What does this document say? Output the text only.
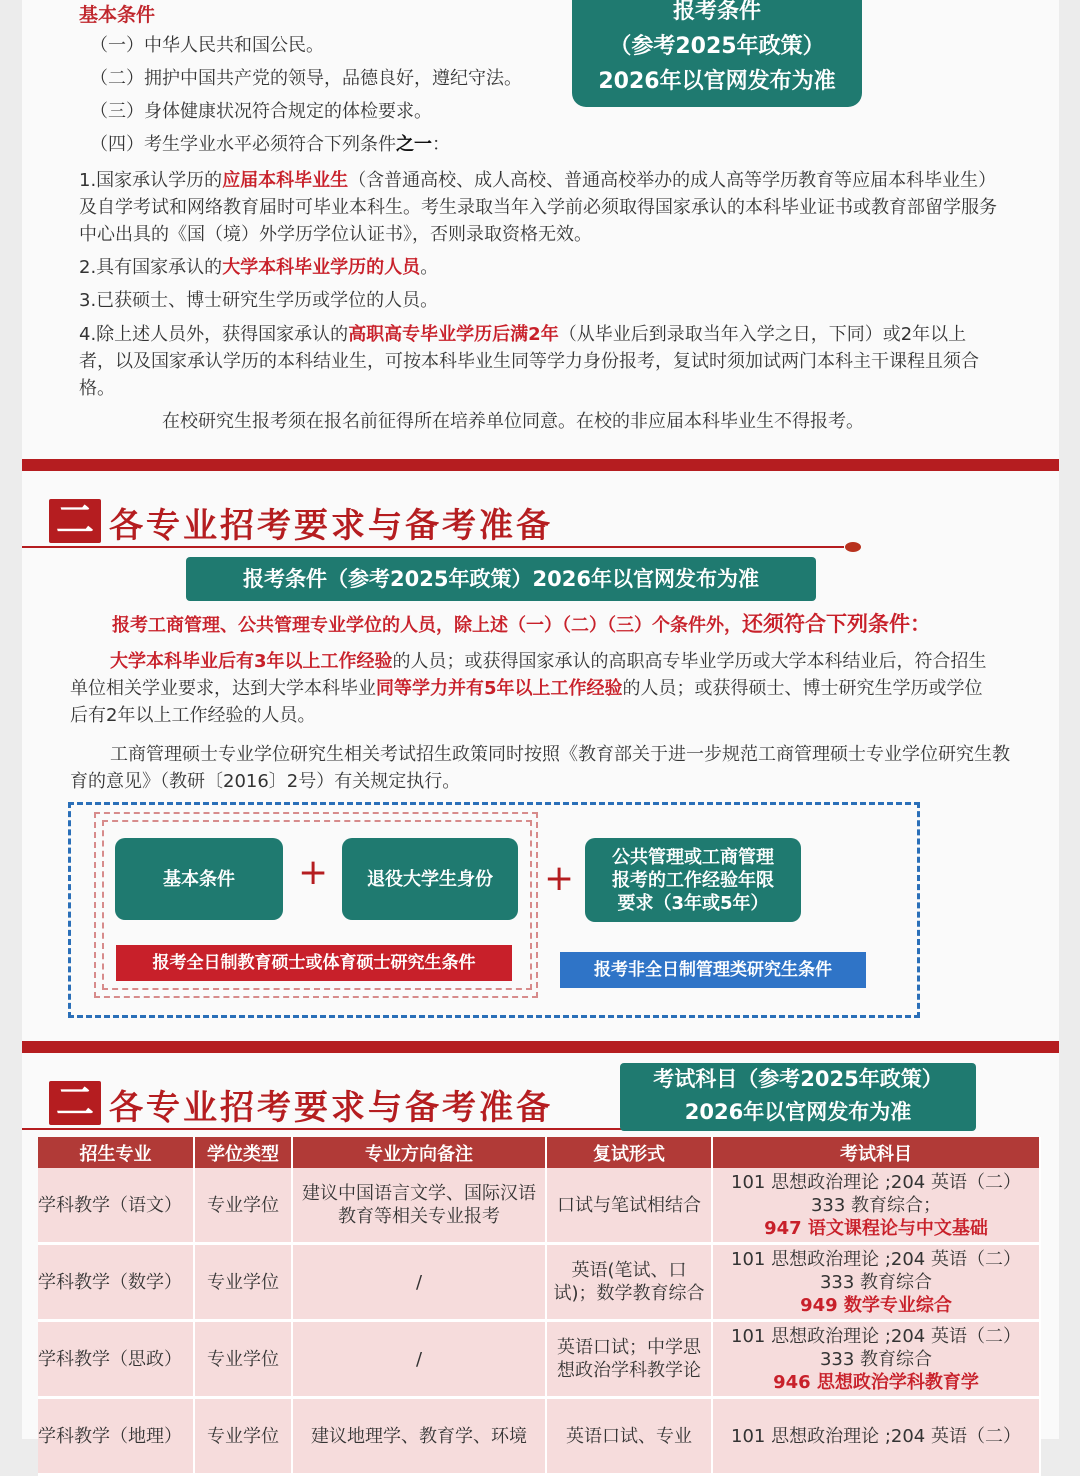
基本条件
（一）中华人民共和国公民。
（二）拥护中国共产党的领导，品德良好，遵纪守法。
（三）身体健康状况符合规定的体检要求。
（四）考生学业水平必须符合下列条件之一：
1.国家承认学历的应届本科毕业生（含普通高校、成人高校、普通高校举办的成人高等学历教育等应届本科毕业生）及自学考试和网络教育届时可毕业本科生。考生录取当年入学前必须取得国家承认的本科毕业证书或教育部留学服务中心出具的《国（境）外学历学位认证书》，否则录取资格无效。
2.具有国家承认的大学本科毕业学历的人员。
3.已获硕士、博士研究生学历或学位的人员。
4.除上述人员外，获得国家承认的高职高专毕业学历后满2年（从毕业后到录取当年入学之日，下同）或2年以上者，以及国家承认学历的本科结业生，可按本科毕业生同等学力身份报考，复试时须加试两门本科主干课程且须合格。
在校研究生报考须在报名前征得所在培养单位同意。在校的非应届本科毕业生不得报考。
报考条件
（参考2025年政策）
2026年以官网发布为准
二 各专业招考要求与备考准备
报考条件（参考2025年政策）2026年以官网发布为准
报考工商管理、公共管理专业学位的人员，除上述（一）（二）（三）个条件外，还须符合下列条件：
大学本科毕业后有3年以上工作经验的人员；或获得国家承认的高职高专毕业学历或大学本科结业后，符合招生单位相关学业要求，达到大学本科毕业同等学力并有5年以上工作经验的人员；或获得硕士、博士研究生学历或学位后有2年以上工作经验的人员。
工商管理硕士专业学位研究生相关考试招生政策同时按照《教育部关于进一步规范工商管理硕士专业学位研究生教育的意见》（教研〔2016〕2号）有关规定执行。
基本条件	+	退役大学生身份	+
公共管理或工商管理报考的工作经验年限要求（3年或5年）
报考全日制教育硕士或体育硕士研究生条件	报考非全日制管理类研究生条件
二 各专业招考要求与备考准备
考试科目（参考2025年政策）
2026年以官网发布为准
招生专业	学位类型	专业方向备注	复试形式	考试科目
学科教学（语文）	专业学位	建议中国语言文学、国际汉语教育等相关专业报考	口试与笔试相结合	101 思想政治理论 ;204 英语（二）
333 教育综合；
947 语文课程论与中文基础

学科教学（数学）	专业学位	/	英语(笔试、口试)；数学教育综合	101 思想政治理论 ;204 英语（二）
333 教育综合
949 数学专业综合

学科教学（思政）	专业学位	/	英语口试；中学思想政治学科教学论	101 思想政治理论 ;204 英语（二）
333 教育综合
946 思想政治学科教育学

学科教学（地理）	专业学位	建议地理学、教育学、环境	英语口试、专业	101 思想政治理论 ;204 英语（二）
